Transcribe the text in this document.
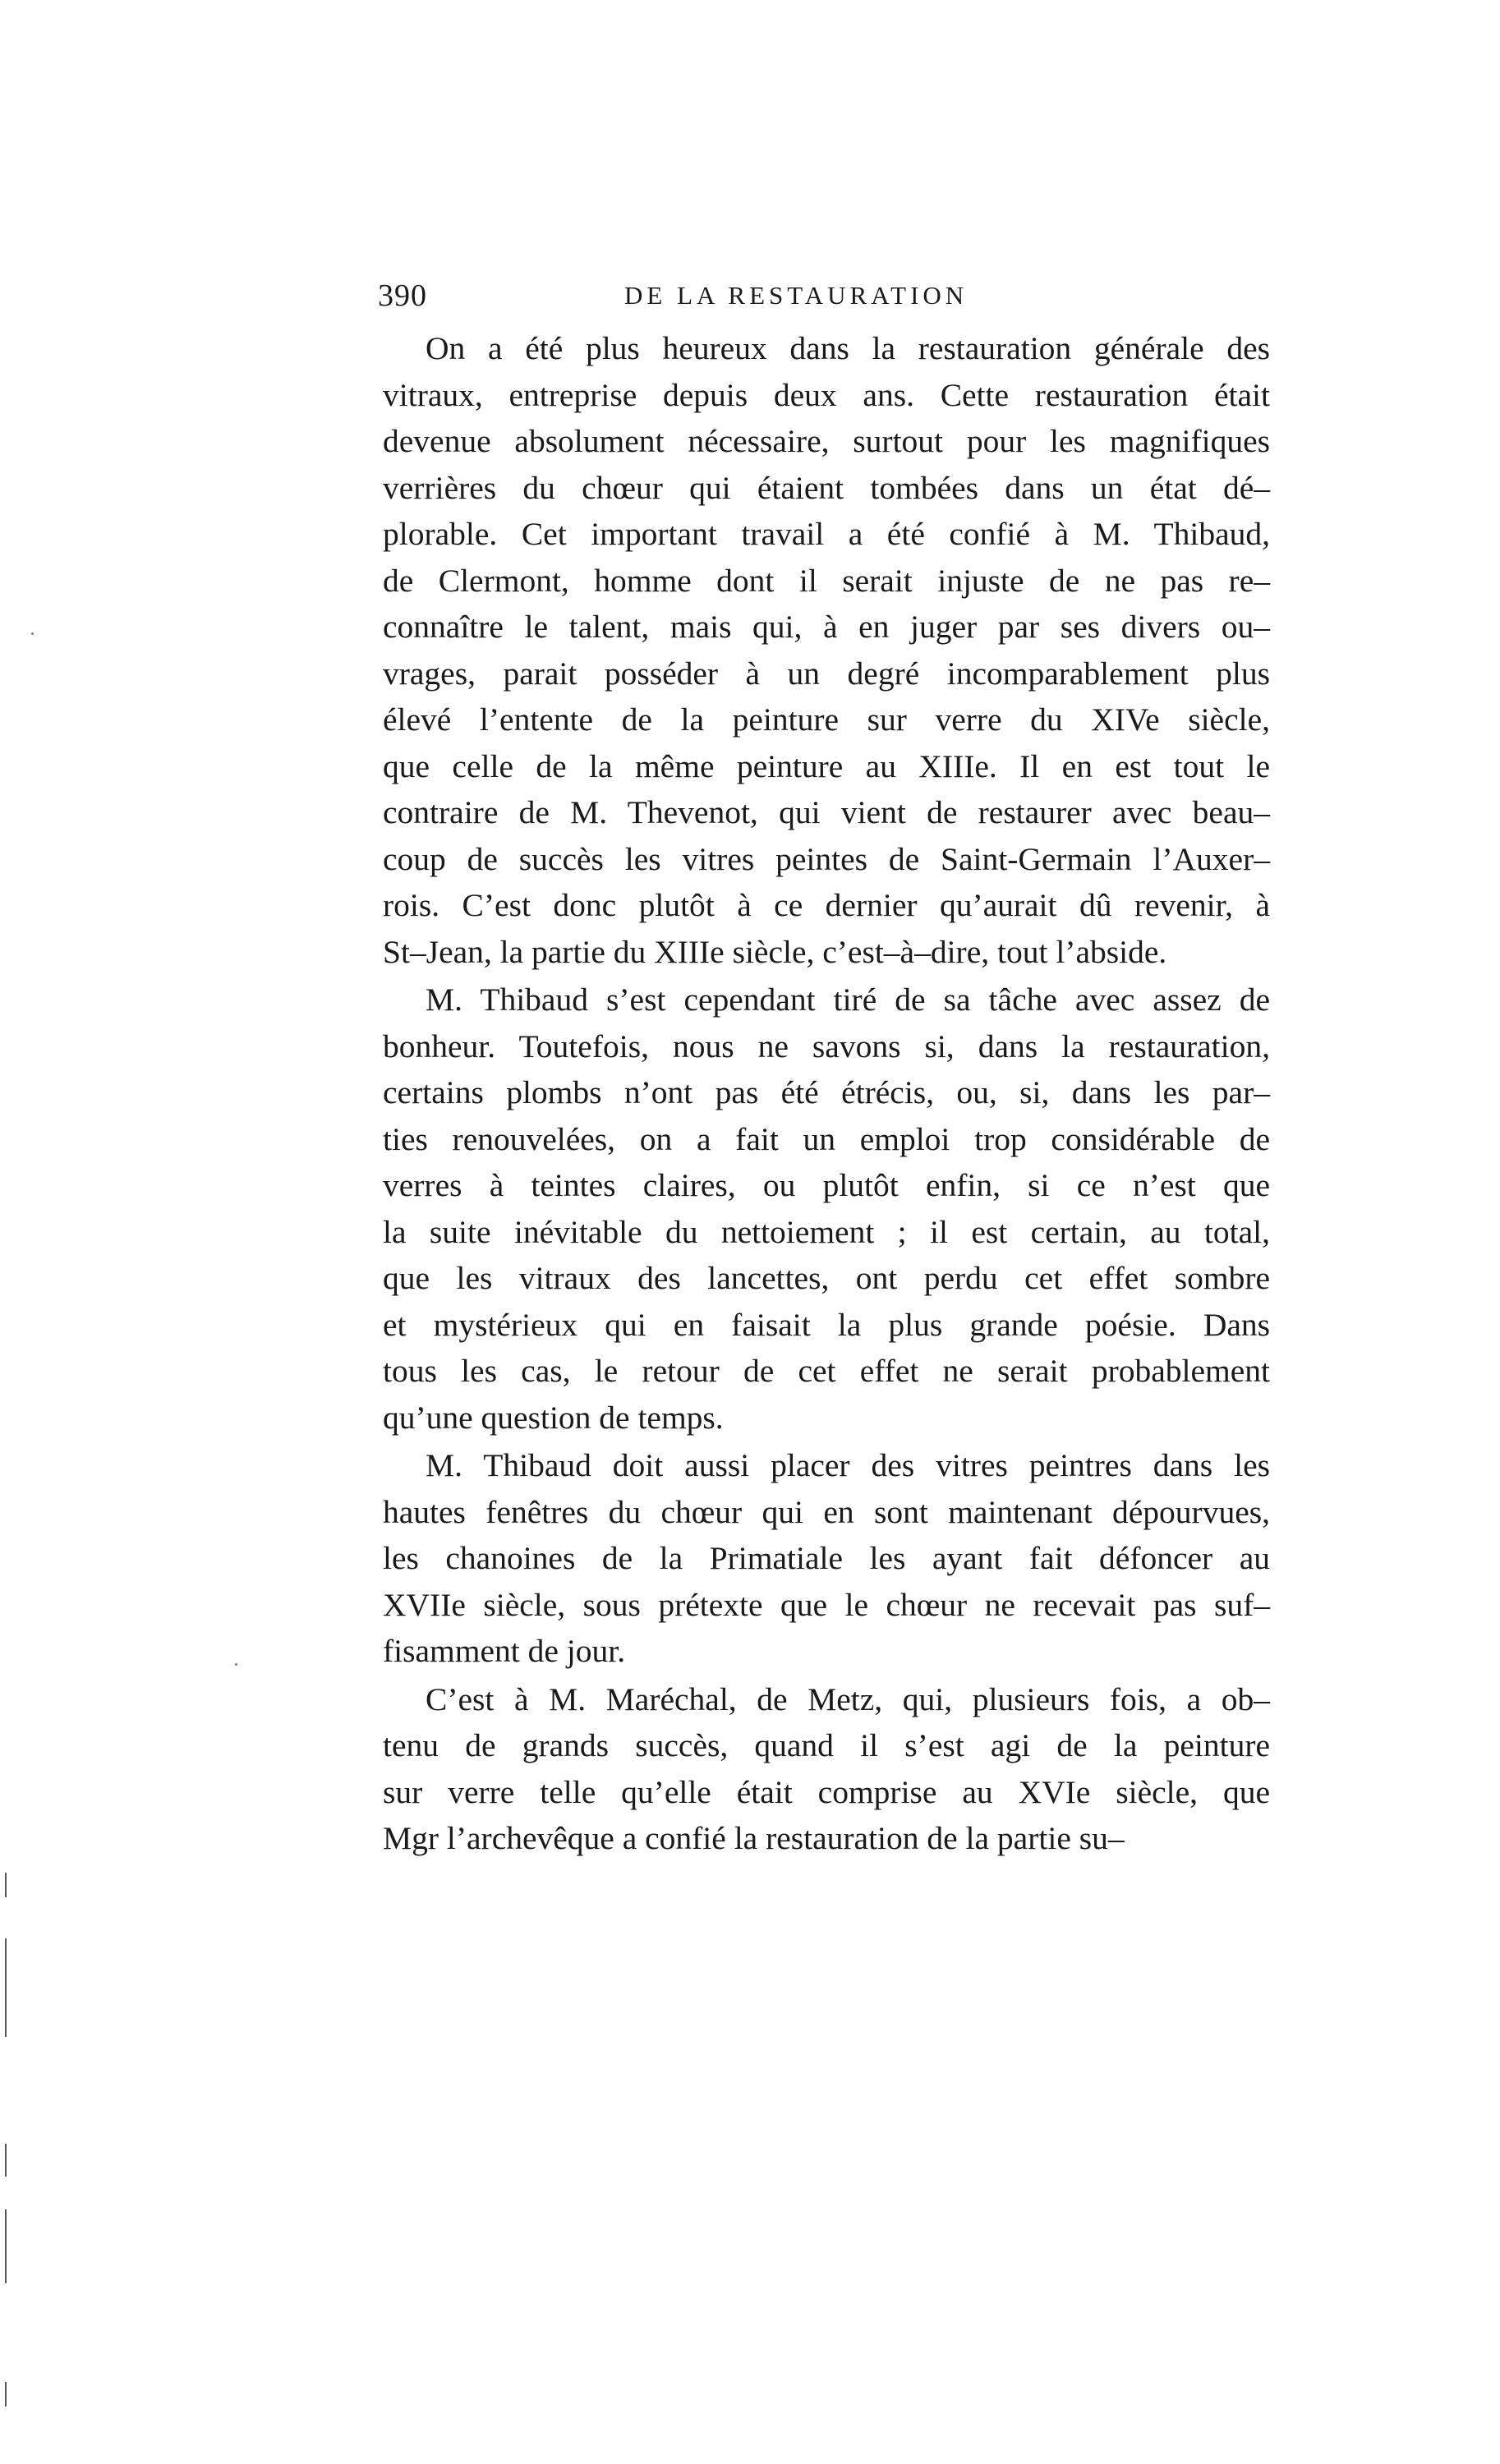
390	DE LA RESTAURATION
On a été plus heureux dans la restauration générale des
vitraux, entreprise depuis deux ans. Cette restauration était
devenue absolument nécessaire, surtout pour les magnifiques
verrières du chœur qui étaient tombées dans un état dé–
plorable. Cet important travail a été confié à M. Thibaud,
de Clermont, homme dont il serait injuste de ne pas re–
connaître le talent, mais qui, à en juger par ses divers ou–
vrages, parait posséder à un degré incomparablement plus
élevé l’entente de la peinture sur verre du XIVe siècle,
que celle de la même peinture au XIIIe. Il en est tout le
contraire de M. Thevenot, qui vient de restaurer avec beau–
coup de succès les vitres peintes de Saint-Germain l’Auxer–
rois. C’est donc plutôt à ce dernier qu’aurait dû revenir, à
St–Jean, la partie du XIIIe siècle, c’est–à–dire, tout l’abside.
M. Thibaud s’est cependant tiré de sa tâche avec assez de
bonheur. Toutefois, nous ne savons si, dans la restauration,
certains plombs n’ont pas été étrécis, ou, si, dans les par–
ties renouvelées, on a fait un emploi trop considérable de
verres à teintes claires, ou plutôt enfin, si ce n’est que
la suite inévitable du nettoiement ; il est certain, au total,
que les vitraux des lancettes, ont perdu cet effet sombre
et mystérieux qui en faisait la plus grande poésie. Dans
tous les cas, le retour de cet effet ne serait probablement
qu’une question de temps.
M. Thibaud doit aussi placer des vitres peintres dans les
hautes fenêtres du chœur qui en sont maintenant dépourvues,
les chanoines de la Primatiale les ayant fait défoncer au
XVIIe siècle, sous prétexte que le chœur ne recevait pas suf–
fisamment de jour.
C’est à M. Maréchal, de Metz, qui, plusieurs fois, a ob–
tenu de grands succès, quand il s’est agi de la peinture
sur verre telle qu’elle était comprise au XVIe siècle, que
Mgr l’archevêque a confié la restauration de la partie su–
